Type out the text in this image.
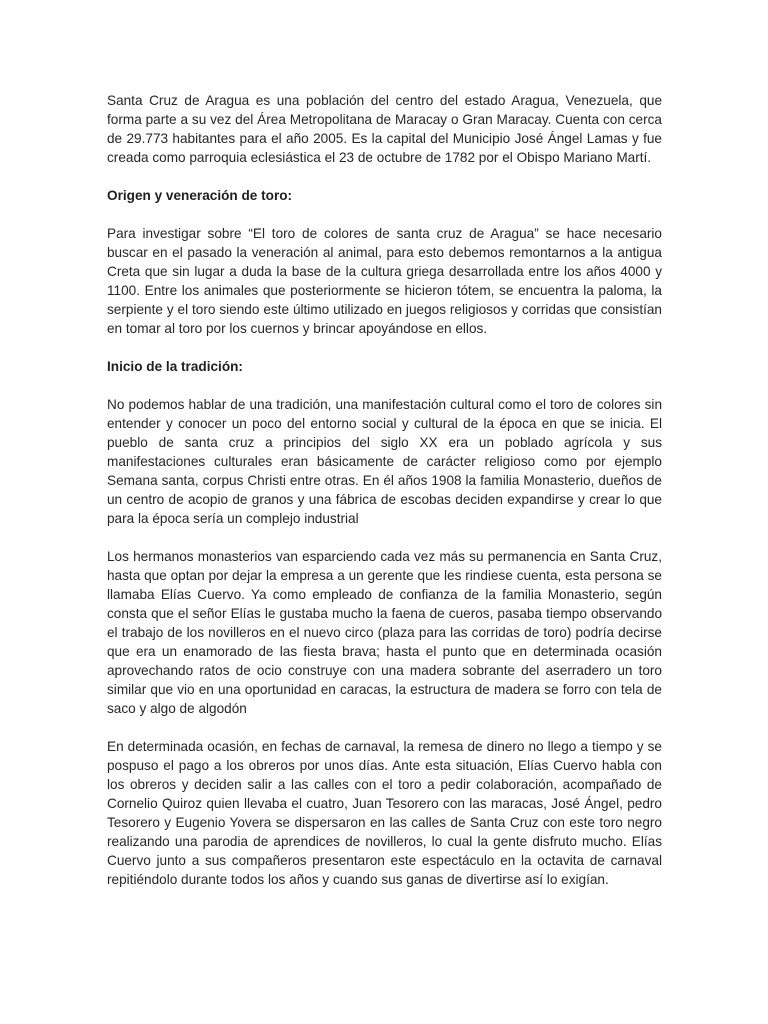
Santa Cruz de Aragua es una población del centro del estado Aragua, Venezuela, que forma parte a su vez del Área Metropolitana de Maracay o Gran Maracay. Cuenta con cerca de 29.773 habitantes para el año 2005. Es la capital del Municipio José Ángel Lamas y fue creada como parroquia eclesiástica el 23 de octubre de 1782 por el Obispo Mariano Martí.

Origen y veneración de toro:

Para investigar sobre “El toro de colores de santa cruz de Aragua” se hace necesario buscar en el pasado la veneración al animal, para esto debemos remontarnos a la antigua Creta que sin lugar a duda la base de la cultura griega desarrollada entre los años 4000 y 1100. Entre los animales que posteriormente se hicieron tótem, se encuentra la paloma, la serpiente y el toro siendo este último utilizado en juegos religiosos y corridas que consistían en tomar al toro por los cuernos y brincar apoyándose en ellos.

Inicio de la tradición:

No podemos hablar de una tradición, una manifestación cultural como el toro de colores sin entender y conocer un poco del entorno social y cultural de la época en que se inicia. El pueblo de santa cruz a principios del siglo XX era un poblado agrícola y sus manifestaciones culturales eran básicamente de carácter religioso como por ejemplo Semana santa, corpus Christi entre otras. En él años 1908 la familia Monasterio, dueños de un centro de acopio de granos y una fábrica de escobas deciden expandirse y crear lo que para la época sería un complejo industrial

Los hermanos monasterios van esparciendo cada vez más su permanencia en Santa Cruz, hasta que optan por dejar la empresa a un gerente que les rindiese cuenta, esta persona se llamaba Elías Cuervo. Ya como empleado de confianza de la familia Monasterio, según consta que el señor Elías le gustaba mucho la faena de cueros, pasaba tiempo observando el trabajo de los novilleros en el nuevo circo (plaza para las corridas de toro) podría decirse que era un enamorado de las fiesta brava; hasta el punto que en determinada ocasión aprovechando ratos de ocio construye con una madera sobrante del aserradero un toro similar que vio en una oportunidad en caracas, la estructura de madera se forro con tela de saco y algo de algodón

En determinada ocasión, en fechas de carnaval, la remesa de dinero no llego a tiempo y se pospuso el pago a los obreros por unos días. Ante esta situación, Elías Cuervo habla con los obreros y deciden salir a las calles con el toro a pedir colaboración, acompañado de Cornelio Quiroz quien llevaba el cuatro, Juan Tesorero con las maracas, José Ángel, pedro Tesorero y Eugenio Yovera se dispersaron en las calles de Santa Cruz con este toro negro realizando una parodia de aprendices de novilleros, lo cual la gente disfruto mucho. Elías Cuervo junto a sus compañeros presentaron este espectáculo en la octavita de carnaval repitiéndolo durante todos los años y cuando sus ganas de divertirse así lo exigían.
